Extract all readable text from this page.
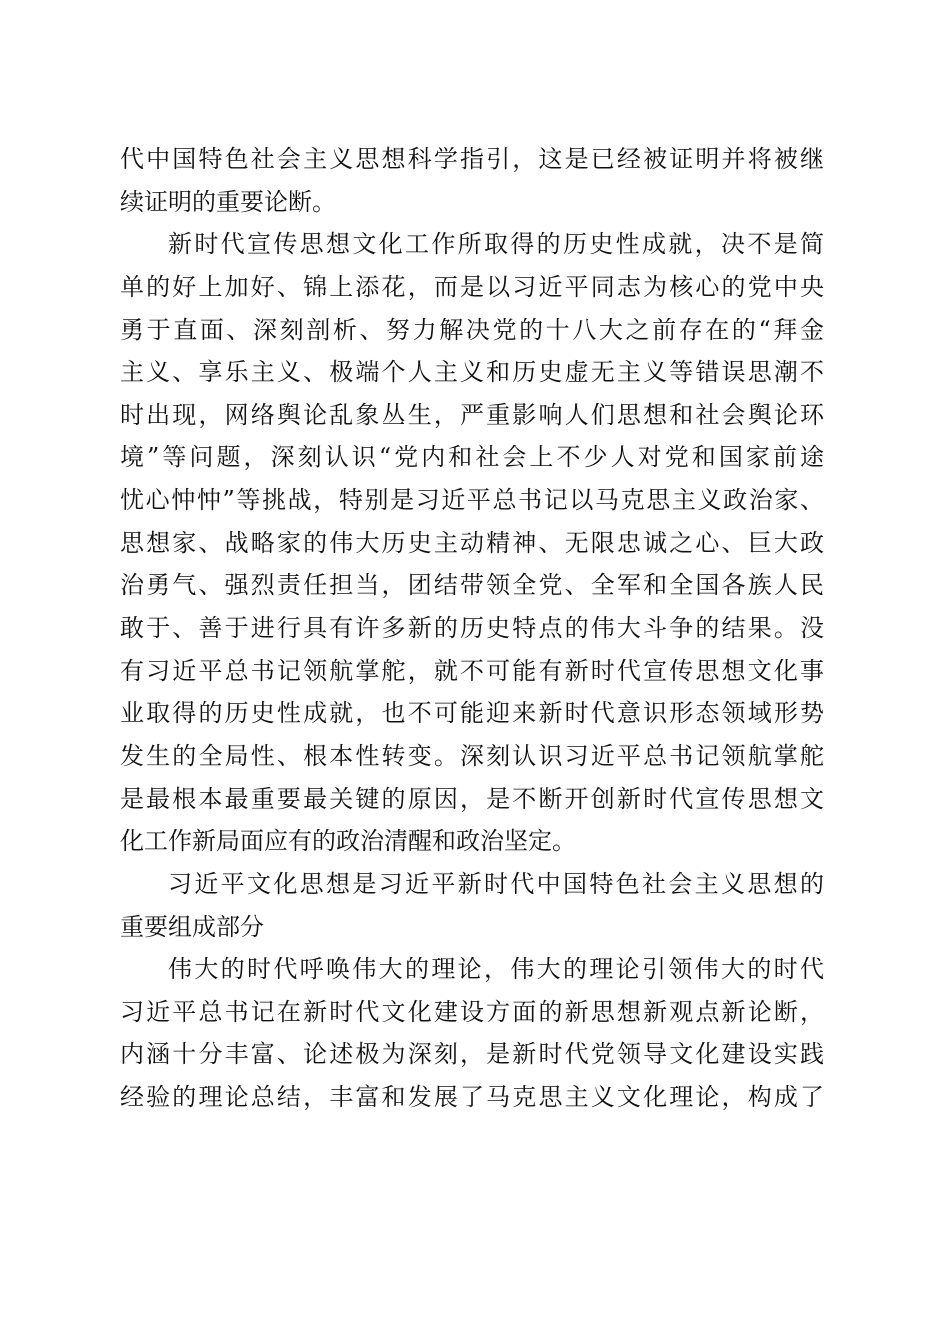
代中国特色社会主义思想科学指引，这是已经被证明并将被继
续证明的重要论断。
新时代宣传思想文化工作所取得的历史性成就，决不是简
单的好上加好、锦上添花，而是以习近平同志为核心的党中央
勇于直面、深刻剖析、努力解决党的十八大之前存在的“拜金
主义、享乐主义、极端个人主义和历史虚无主义等错误思潮不
时出现，网络舆论乱象丛生，严重影响人们思想和社会舆论环
境”等问题，深刻认识“党内和社会上不少人对党和国家前途
忧心忡忡”等挑战，特别是习近平总书记以马克思主义政治家、
思想家、战略家的伟大历史主动精神、无限忠诚之心、巨大政
治勇气、强烈责任担当，团结带领全党、全军和全国各族人民
敢于、善于进行具有许多新的历史特点的伟大斗争的结果。没
有习近平总书记领航掌舵，就不可能有新时代宣传思想文化事
业取得的历史性成就，也不可能迎来新时代意识形态领域形势
发生的全局性、根本性转变。深刻认识习近平总书记领航掌舵
是最根本最重要最关键的原因，是不断开创新时代宣传思想文
化工作新局面应有的政治清醒和政治坚定。
习近平文化思想是习近平新时代中国特色社会主义思想的
重要组成部分
伟大的时代呼唤伟大的理论，伟大的理论引领伟大的时代
习近平总书记在新时代文化建设方面的新思想新观点新论断，
内涵十分丰富、论述极为深刻，是新时代党领导文化建设实践
经验的理论总结，丰富和发展了马克思主义文化理论，构成了
